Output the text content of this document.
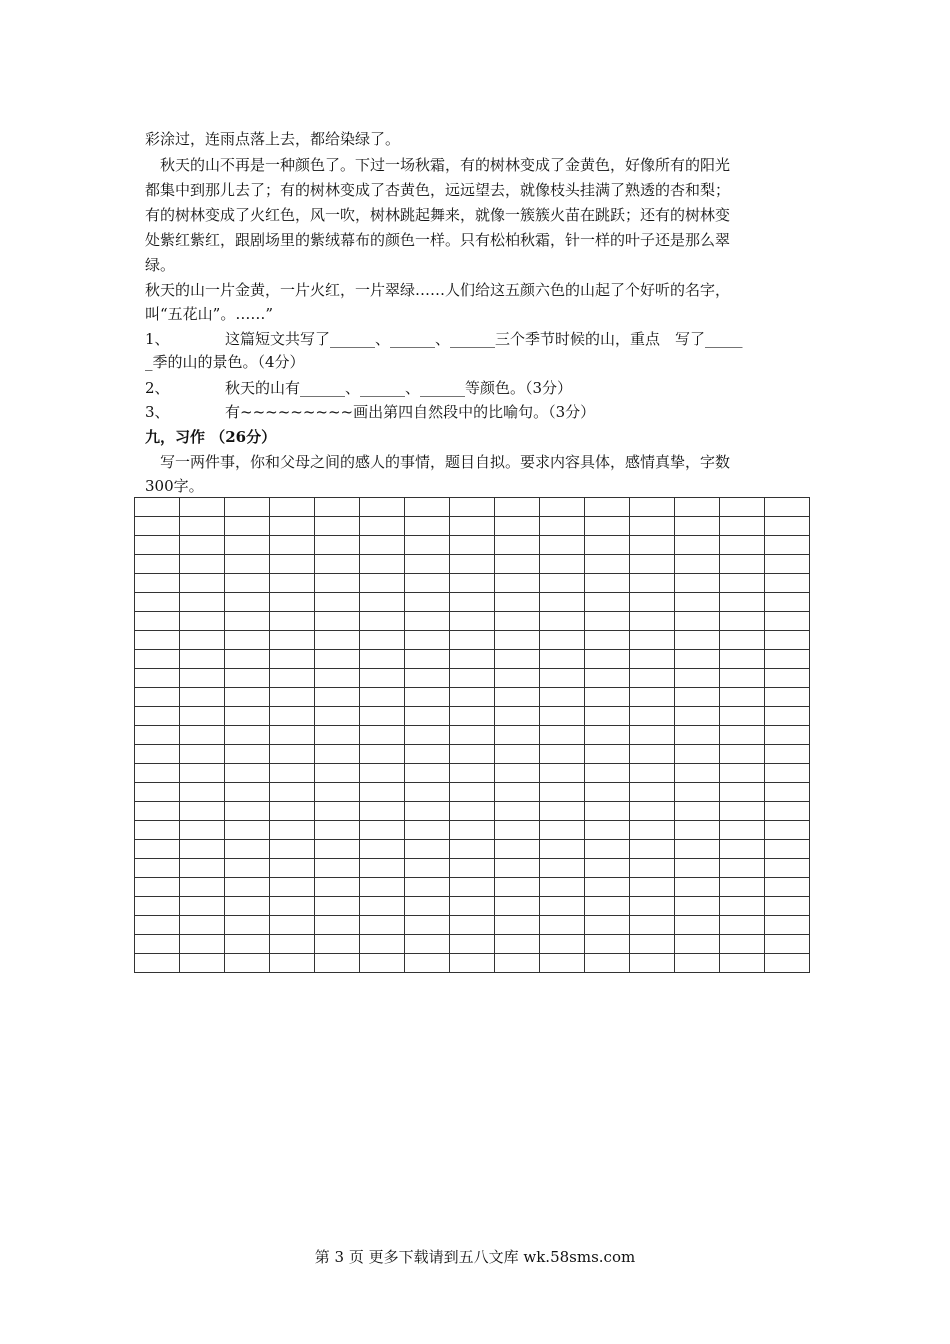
彩涂过，连雨点落上去，都给染绿了。
　秋天的山不再是一种颜色了。下过一场秋霜，有的树林变成了金黄色，好像所有的阳光
都集中到那儿去了；有的树林变成了杏黄色，远远望去，就像枝头挂满了熟透的杏和梨；
有的树林变成了火红色，风一吹，树林跳起舞来，就像一簇簇火苗在跳跃；还有的树林变
处紫红紫红，跟剧场里的紫绒幕布的颜色一样。只有松柏秋霜，针一样的叶子还是那么翠
绿。
秋天的山一片金黄，一片火红，一片翠绿……人们给这五颜六色的山起了个好听的名字，
叫“五花山”。……”
1、	这篇短文共写了______、______、______三个季节时候的山，重点　写了_____
_季的山的景色。（4分）
2、	秋天的山有______、______、______等颜色。（3分）
3、	有~~~~~~~~~画出第四自然段中的比喻句。（3分）
九，习作 （26分）
　写一两件事，你和父母之间的感人的事情，题目自拟。要求内容具体，感情真挚，字数
300字。

第 3 页 更多下载请到五八文库 wk.58sms.com
